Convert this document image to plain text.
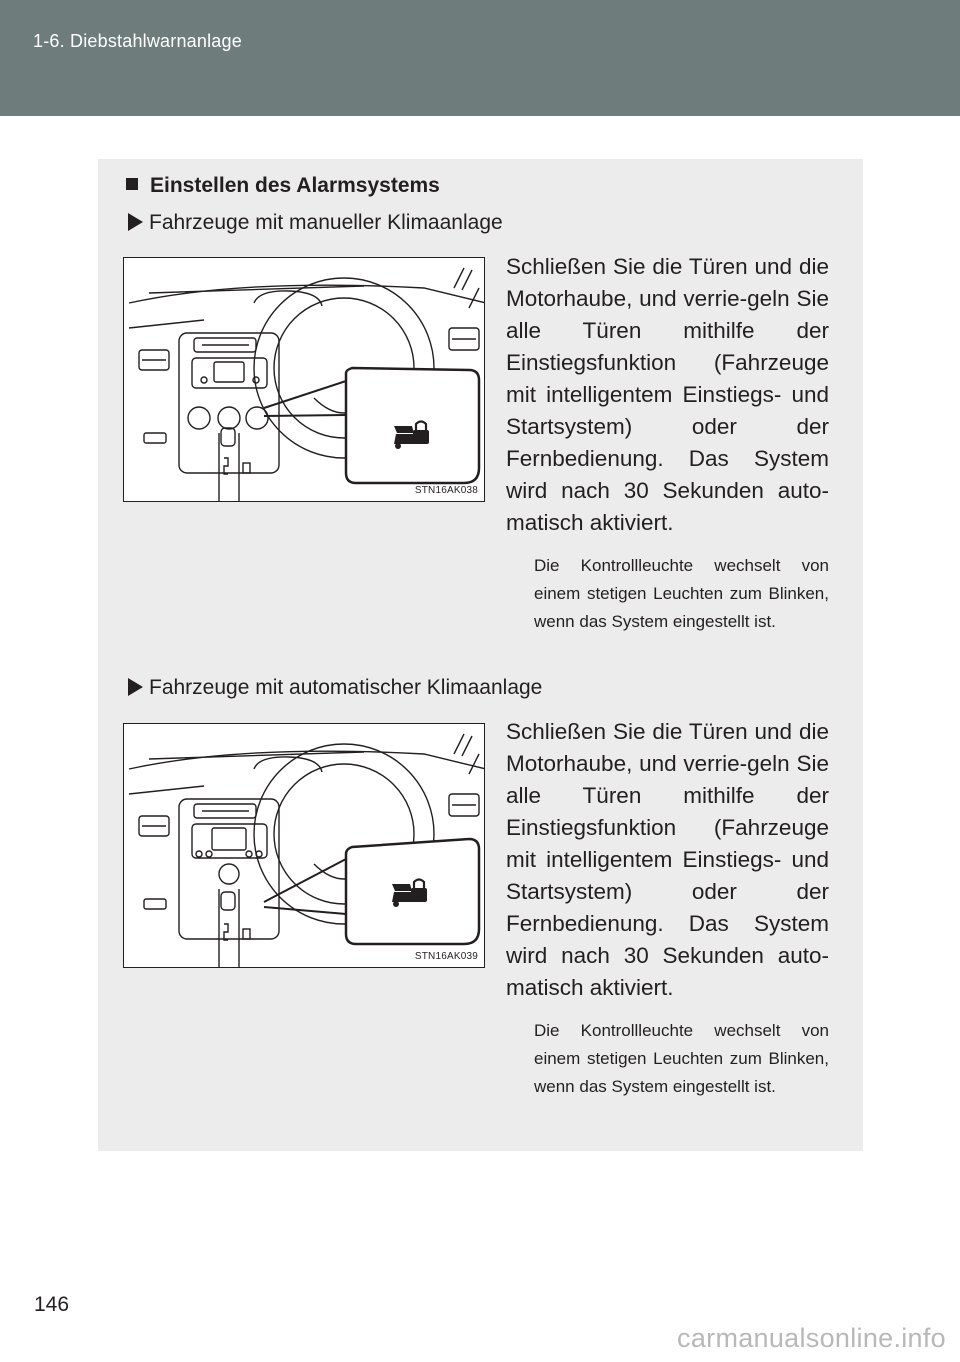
1-6. Diebstahlwarnanlage
Einstellen des Alarmsystems
Fahrzeuge mit manueller Klimaanlage
STN16AK038
Schließen Sie die Türen und die Motorhaube, und verrie-geln Sie alle Türen mithilfe der Einstiegsfunktion (Fahrzeuge mit intelligentem Einstiegs- und Startsystem) oder der Fernbedienung. Das System wird nach 30 Sekunden auto-matisch aktiviert.
Die Kontrollleuchte wechselt von einem stetigen Leuchten zum Blinken, wenn das System eingestellt ist.
Fahrzeuge mit automatischer Klimaanlage
STN16AK039
Schließen Sie die Türen und die Motorhaube, und verrie-geln Sie alle Türen mithilfe der Einstiegsfunktion (Fahrzeuge mit intelligentem Einstiegs- und Startsystem) oder der Fernbedienung. Das System wird nach 30 Sekunden auto-matisch aktiviert.
Die Kontrollleuchte wechselt von einem stetigen Leuchten zum Blinken, wenn das System eingestellt ist.
146
carmanualsonline.info
